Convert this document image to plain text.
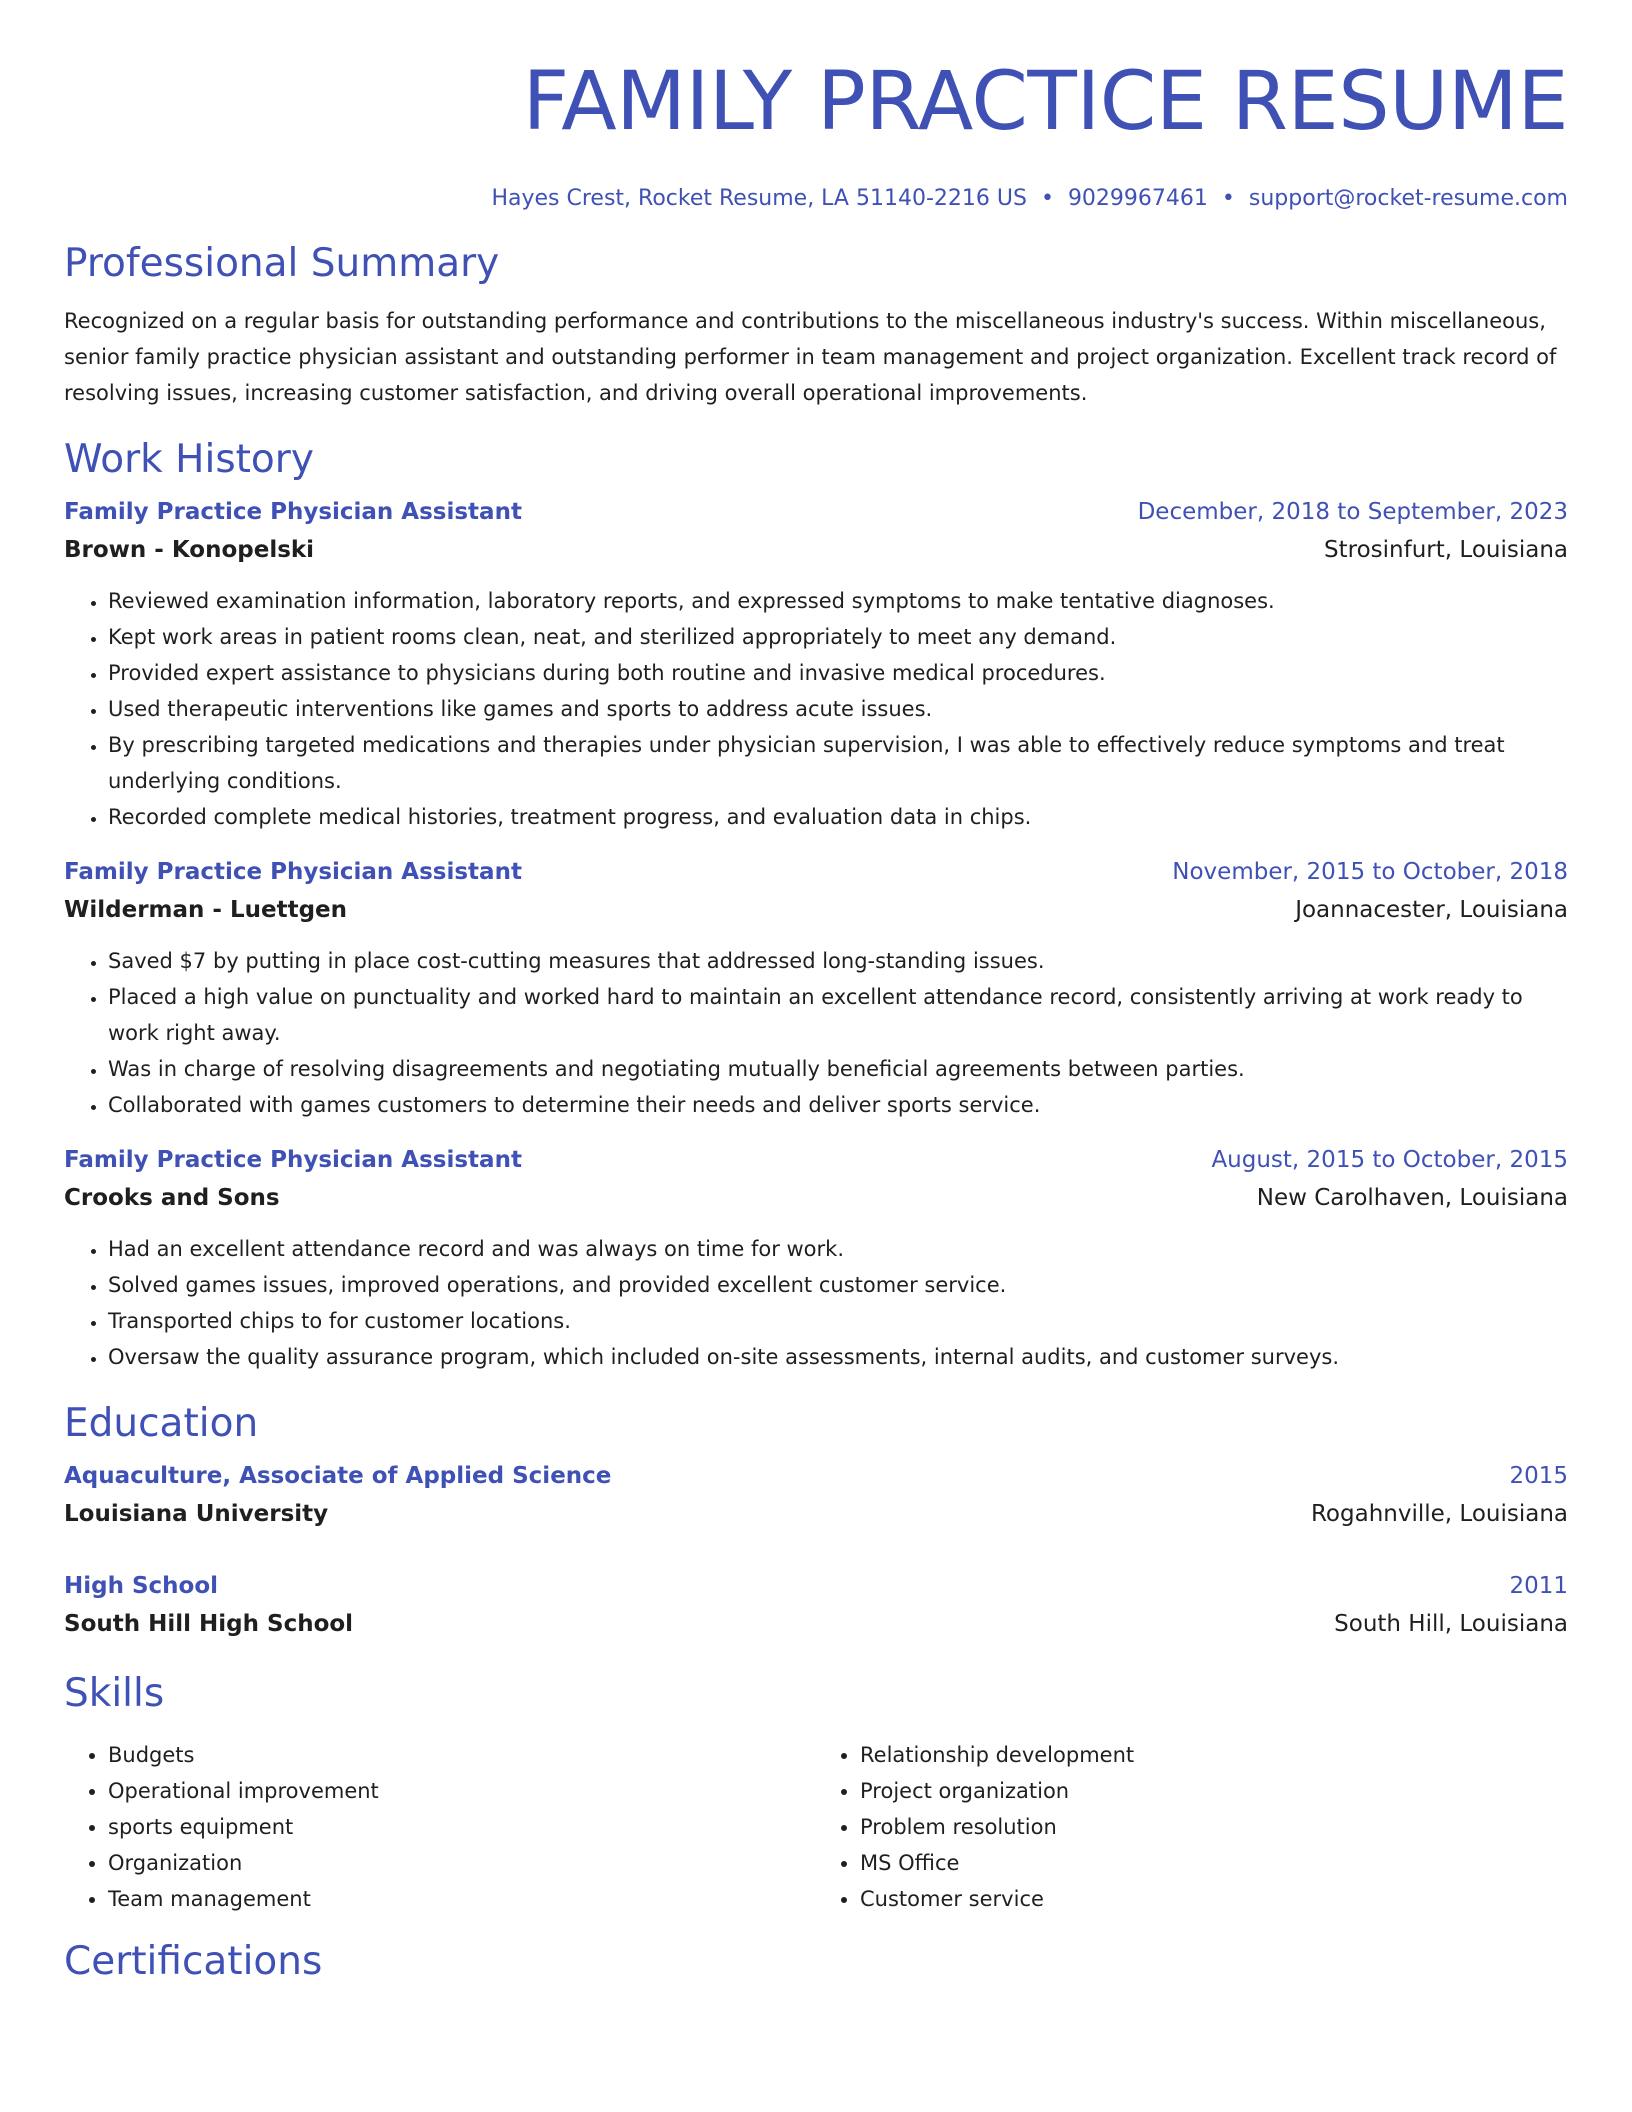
FAMILY PRACTICE RESUME
Hayes Crest, Rocket Resume, LA 51140-2216 US • 9029967461 • support@rocket-resume.com
Professional Summary

Recognized on a regular basis for outstanding performance and contributions to the miscellaneous industry's success. Within miscellaneous, senior family practice physician assistant and outstanding performer in team management and project organization. Excellent track record of resolving issues, increasing customer satisfaction, and driving overall operational improvements.

Work History
Family Practice Physician Assistant	December, 2018 to September, 2023
Brown - Konopelski	Strosinfurt, Louisiana
• Reviewed examination information, laboratory reports, and expressed symptoms to make tentative diagnoses.
• Kept work areas in patient rooms clean, neat, and sterilized appropriately to meet any demand.
• Provided expert assistance to physicians during both routine and invasive medical procedures.
• Used therapeutic interventions like games and sports to address acute issues.
• By prescribing targeted medications and therapies under physician supervision, I was able to effectively reduce symptoms and treat underlying conditions.
• Recorded complete medical histories, treatment progress, and evaluation data in chips.
Family Practice Physician Assistant	November, 2015 to October, 2018
Wilderman - Luettgen	Joannacester, Louisiana
• Saved $7 by putting in place cost-cutting measures that addressed long-standing issues.
• Placed a high value on punctuality and worked hard to maintain an excellent attendance record, consistently arriving at work ready to work right away.
• Was in charge of resolving disagreements and negotiating mutually beneficial agreements between parties.
• Collaborated with games customers to determine their needs and deliver sports service.
Family Practice Physician Assistant	August, 2015 to October, 2015
Crooks and Sons	New Carolhaven, Louisiana
• Had an excellent attendance record and was always on time for work.
• Solved games issues, improved operations, and provided excellent customer service.
• Transported chips to for customer locations.
• Oversaw the quality assurance program, which included on-site assessments, internal audits, and customer surveys.
Education
Aquaculture, Associate of Applied Science	2015
Louisiana University	Rogahnville, Louisiana
High School	2011
South Hill High School	South Hill, Louisiana
Skills
• Budgets
• Operational improvement
• sports equipment
• Organization
• Team management
• Relationship development
• Project organization
• Problem resolution
• MS Office
• Customer service
Certifications
